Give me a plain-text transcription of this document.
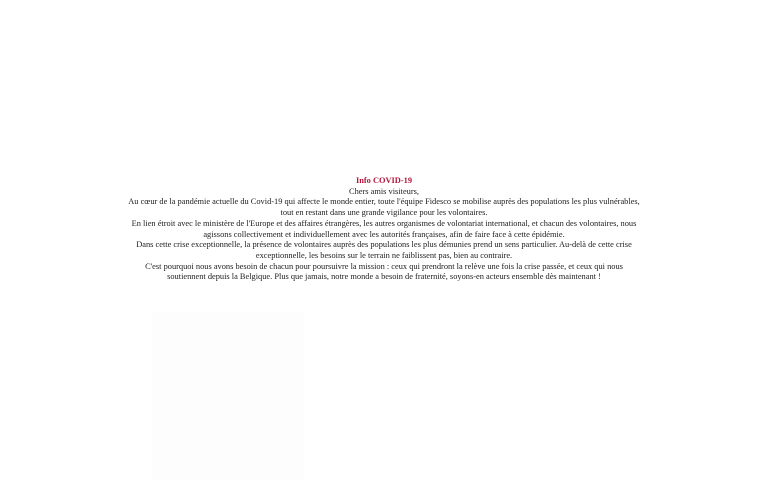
Info COVID-19

Chers amis visiteurs,

Au cœur de la pandémie actuelle du Covid-19 qui affecte le monde entier, toute l'équipe Fidesco se mobilise auprès des populations les plus vulnérables,

tout en restant dans une grande vigilance pour les volontaires.

En lien étroit avec le ministère de l'Europe et des affaires étrangères, les autres organismes de volontariat international, et chacun des volontaires, nous

agissons collectivement et individuellement avec les autorités françaises, afin de faire face à cette épidémie.

Dans cette crise exceptionnelle, la présence de volontaires auprès des populations les plus démunies prend un sens particulier. Au-delà de cette crise

exceptionnelle, les besoins sur le terrain ne faiblissent pas, bien au contraire.

C'est pourquoi nous avons besoin de chacun pour poursuivre la mission : ceux qui prendront la relève une fois la crise passée, et ceux qui nous

soutiennent depuis la Belgique. Plus que jamais, notre monde a besoin de fraternité, soyons-en acteurs ensemble dès maintenant !
